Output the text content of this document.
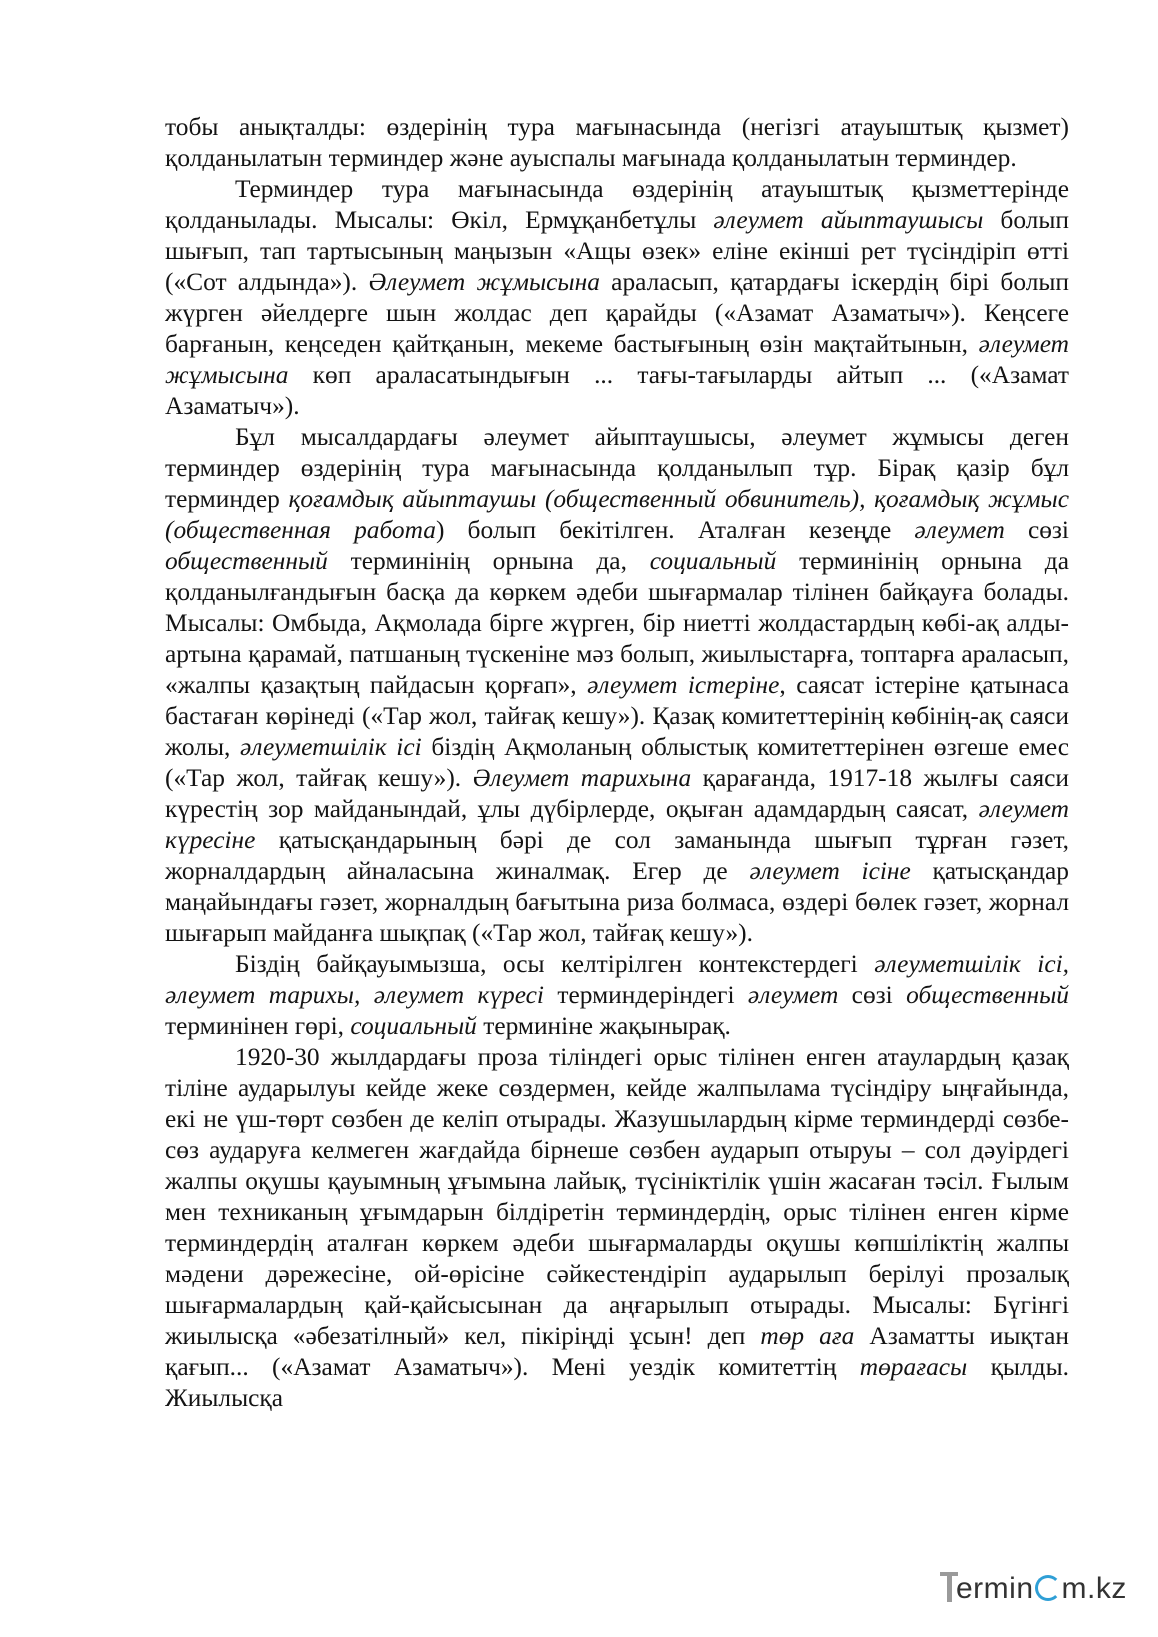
тобы анықталды: өздерінің тура мағынасында (негізгі атауыштық қызмет) қолданылатын терминдер және ауыспалы мағынада қолданылатын терминдер.

Терминдер тура мағынасында өздерінің атауыштық қызметтерінде қолданылады. Мысалы: Өкіл, Ермұқанбетұлы әлеумет айыптаушысы болып шығып, тап тартысының маңызын «Ащы өзек» еліне екінші рет түсіндіріп өтті («Сот алдында»). Әлеумет жұмысына араласып, қатардағы іскердің бірі болып жүрген әйелдерге шын жолдас деп қарайды («Азамат Азаматыч»). Кеңсеге барғанын, кеңседен қайтқанын, мекеме бастығының өзін мақтайтынын, әлеумет жұмысына көп араласатындығын ... тағы-тағыларды айтып ... («Азамат Азаматыч»).

Бұл мысалдардағы әлеумет айыптаушысы, әлеумет жұмысы деген терминдер өздерінің тура мағынасында қолданылып тұр. Бірақ қазір бұл терминдер қоғамдық айыптаушы (общественный обвинитель), қоғамдық жұмыс (общественная работа) болып бекітілген. Аталған кезеңде әлеумет сөзі общественный терминінің орнына да, социальный терминінің орнына да қолданылғандығын басқа да көркем әдеби шығармалар тілінен байқауға болады. Мысалы: Омбыда, Ақмолада бірге жүрген, бір ниетті жолдастардың көбі-ақ алды-артына қарамай, патшаның түскеніне мәз болып, жиылыстарға, топтарға араласып, «жалпы қазақтың пайдасын қорғап», әлеумет істеріне, саясат істеріне қатынаса бастаған көрінеді («Тар жол, тайғақ кешу»). Қазақ комитеттерінің көбінің-ақ саяси жолы, әлеуметшілік ісі біздің Ақмоланың облыстық комитеттерінен өзгеше емес («Тар жол, тайғақ кешу»). Әлеумет тарихына қарағанда, 1917-18 жылғы саяси күрестің зор майданындай, ұлы дүбірлерде, оқыған адамдардың саясат, әлеумет күресіне қатысқандарының бәрі де сол заманында шығып тұрған гәзет, жорналдардың айналасына жиналмақ. Егер де әлеумет ісіне қатысқандар маңайындағы гәзет, жорналдың бағытына риза болмаса, өздері бөлек гәзет, жорнал шығарып майданға шықпақ («Тар жол, тайғақ кешу»).

Біздің байқауымызша, осы келтірілген контекстердегі әлеуметшілік ісі, әлеумет тарихы, әлеумет күресі терминдеріндегі әлеумет сөзі общественный терминінен гөрі, социальный терминіне жақынырақ.

1920-30 жылдардағы проза тіліндегі орыс тілінен енген атаулардың қазақ тіліне аударылуы кейде жеке сөздермен, кейде жалпылама түсіндіру ыңғайында, екі не үш-төрт сөзбен де келіп отырады. Жазушылардың кірме терминдерді сөзбе-сөз аударуға келмеген жағдайда бірнеше сөзбен аударып отыруы – сол дәуірдегі жалпы оқушы қауымның ұғымына лайық, түсініктілік үшін жасаған тәсіл. Ғылым мен техниканың ұғымдарын білдіретін терминдердің, орыс тілінен енген кірме терминдердің аталған көркем әдеби шығармаларды оқушы көпшіліктің жалпы мәдени дәрежесіне, ой-өрісіне сәйкестендіріп аударылып берілуі прозалық шығармалардың қай-қайсысынан да аңғарылып отырады. Мысалы: Бүгінгі жиылысқа «әбезатілный» кел, пікіріңді ұсын! деп төр аға Азаматты иықтан қағып... («Азамат Азаматыч»). Мені уездік комитеттің төрағасы қылды. Жиылысқа

ermin m.kz
